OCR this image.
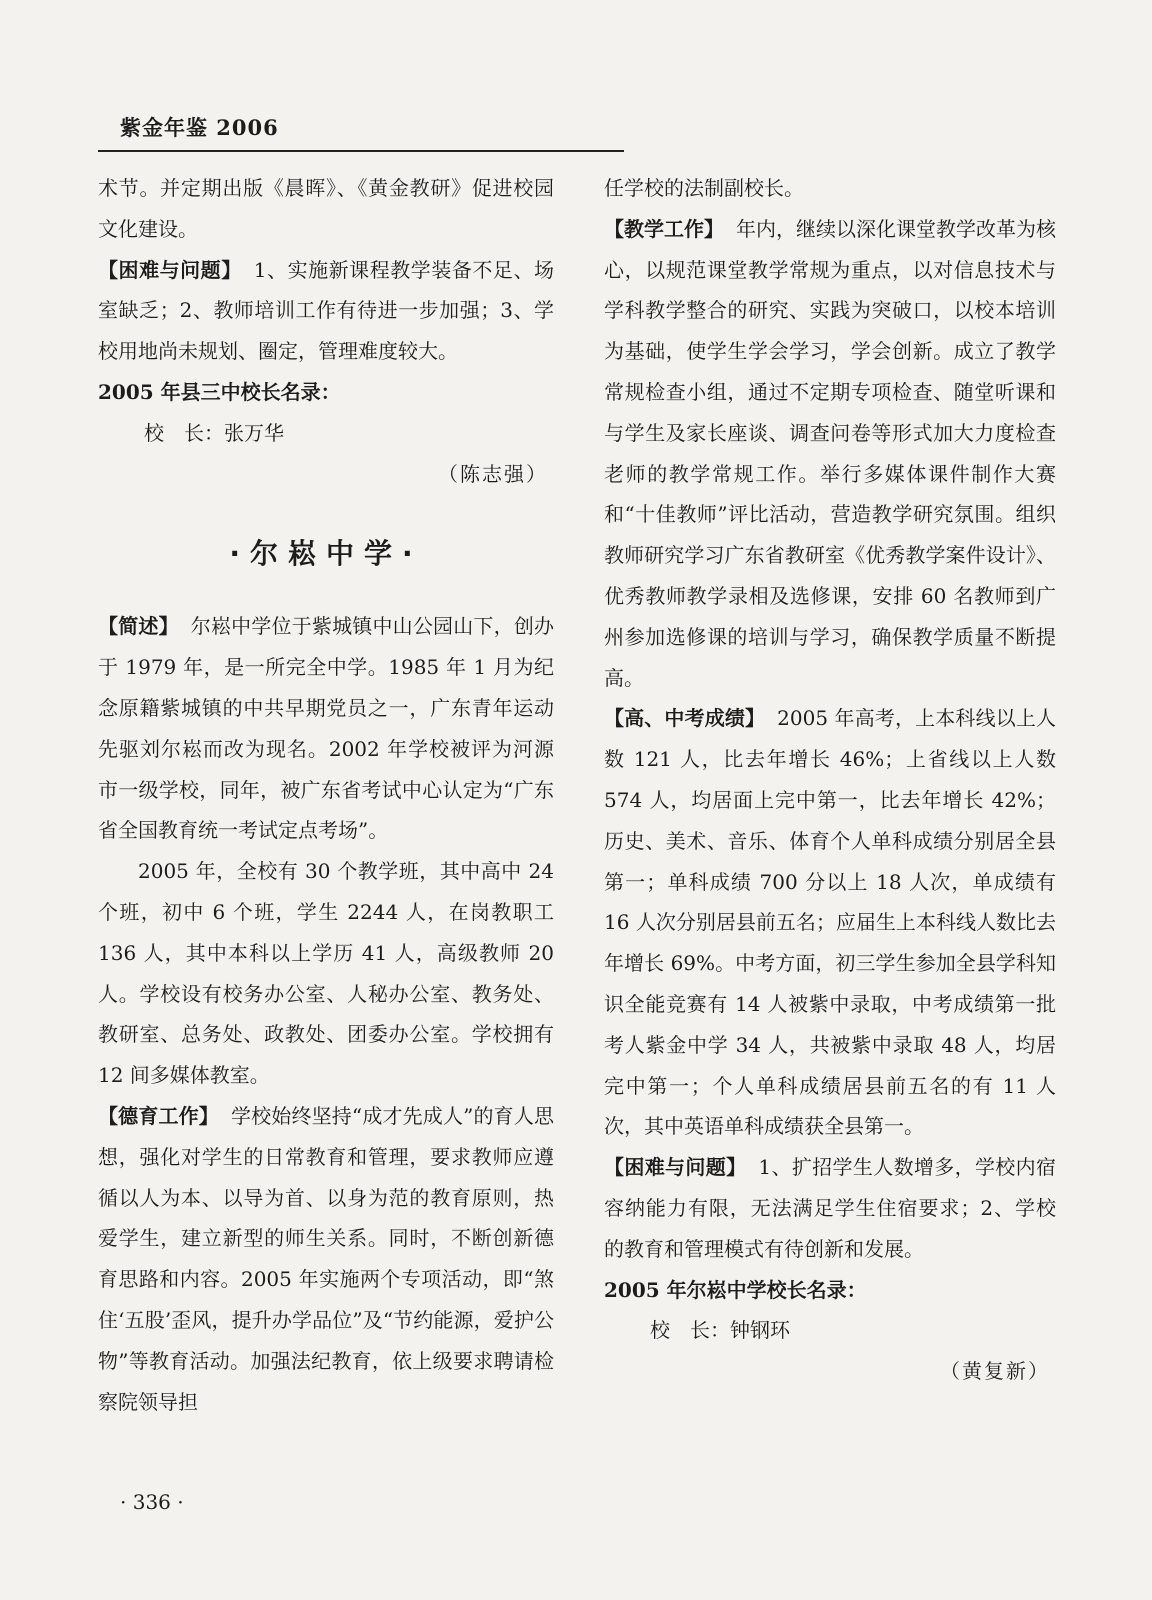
紫金年鉴 2006

术节。并定期出版《晨晖》、《黄金教研》促进校园文化建设。

【困难与问题】 1、实施新课程教学装备不足、场室缺乏；2、教师培训工作有待进一步加强；3、学校用地尚未规划、圈定，管理难度较大。

2005 年县三中校长名录：

校　长：张万华

（陈志强）

·尔崧中学·

【简述】 尔崧中学位于紫城镇中山公园山下，创办于 1979 年，是一所完全中学。1985 年 1 月为纪念原籍紫城镇的中共早期党员之一，广东青年运动先驱刘尔崧而改为现名。2002 年学校被评为河源市一级学校，同年，被广东省考试中心认定为“广东省全国教育统一考试定点考场”。

2005 年，全校有 30 个教学班，其中高中 24 个班，初中 6 个班，学生 2244 人，在岗教职工 136 人，其中本科以上学历 41 人，高级教师 20 人。学校设有校务办公室、人秘办公室、教务处、教研室、总务处、政教处、团委办公室。学校拥有 12 间多媒体教室。

【德育工作】 学校始终坚持“成才先成人”的育人思想，强化对学生的日常教育和管理，要求教师应遵循以人为本、以导为首、以身为范的教育原则，热爱学生，建立新型的师生关系。同时，不断创新德育思路和内容。2005 年实施两个专项活动，即“煞住‘五股’歪风，提升办学品位”及“节约能源，爱护公物”等教育活动。加强法纪教育，依上级要求聘请检察院领导担

任学校的法制副校长。

【教学工作】 年内，继续以深化课堂教学改革为核心，以规范课堂教学常规为重点，以对信息技术与学科教学整合的研究、实践为突破口，以校本培训为基础，使学生学会学习，学会创新。成立了教学常规检查小组，通过不定期专项检查、随堂听课和与学生及家长座谈、调查问卷等形式加大力度检查老师的教学常规工作。举行多媒体课件制作大赛和“十佳教师”评比活动，营造教学研究氛围。组织教师研究学习广东省教研室《优秀教学案件设计》、优秀教师教学录相及选修课，安排 60 名教师到广州参加选修课的培训与学习，确保教学质量不断提高。

【高、中考成绩】 2005 年高考，上本科线以上人数 121 人，比去年增长 46%；上省线以上人数 574 人，均居面上完中第一，比去年增长 42%；历史、美术、音乐、体育个人单科成绩分别居全县第一；单科成绩 700 分以上 18 人次，单成绩有 16 人次分别居县前五名；应届生上本科线人数比去年增长 69%。中考方面，初三学生参加全县学科知识全能竞赛有 14 人被紫中录取，中考成绩第一批考人紫金中学 34 人，共被紫中录取 48 人，均居完中第一；个人单科成绩居县前五名的有 11 人次，其中英语单科成绩获全县第一。

【困难与问题】 1、扩招学生人数增多，学校内宿容纳能力有限，无法满足学生住宿要求；2、学校的教育和管理模式有待创新和发展。

2005 年尔崧中学校长名录：

校　长：钟钢环

（黄复新）

· 336 ·
